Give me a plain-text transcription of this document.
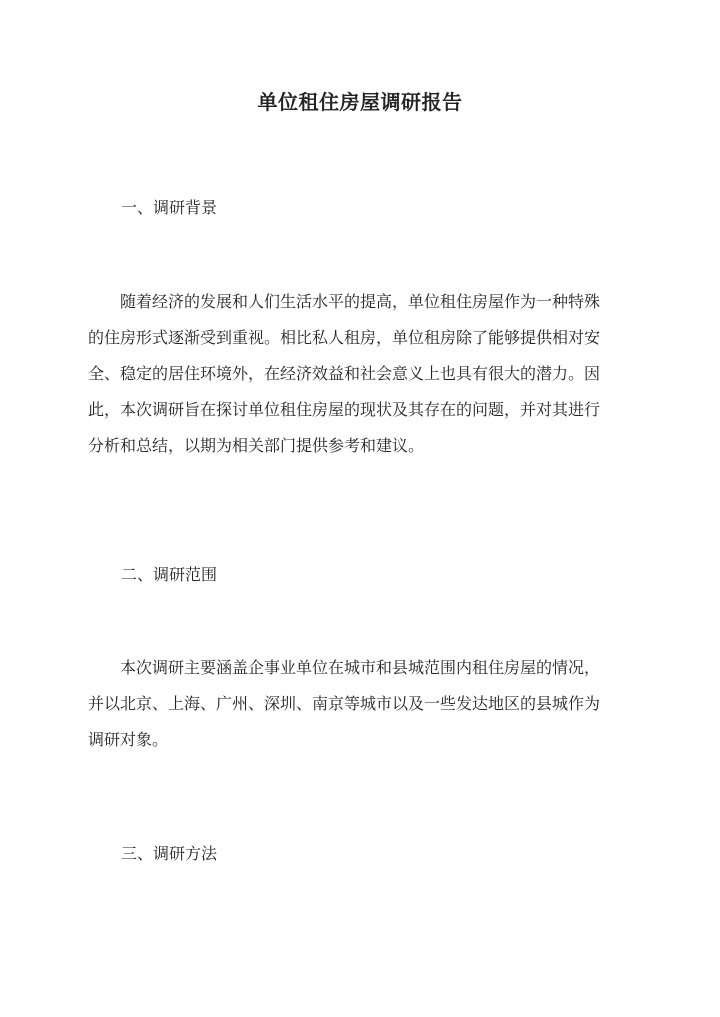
单位租住房屋调研报告
一、调研背景
随着经济的发展和人们生活水平的提高，单位租住房屋作为一种特殊
的住房形式逐渐受到重视。相比私人租房，单位租房除了能够提供相对安
全、稳定的居住环境外，在经济效益和社会意义上也具有很大的潜力。因
此，本次调研旨在探讨单位租住房屋的现状及其存在的问题，并对其进行
分析和总结，以期为相关部门提供参考和建议。
二、调研范围
本次调研主要涵盖企事业单位在城市和县城范围内租住房屋的情况，
并以北京、上海、广州、深圳、南京等城市以及一些发达地区的县城作为
调研对象。
三、调研方法
